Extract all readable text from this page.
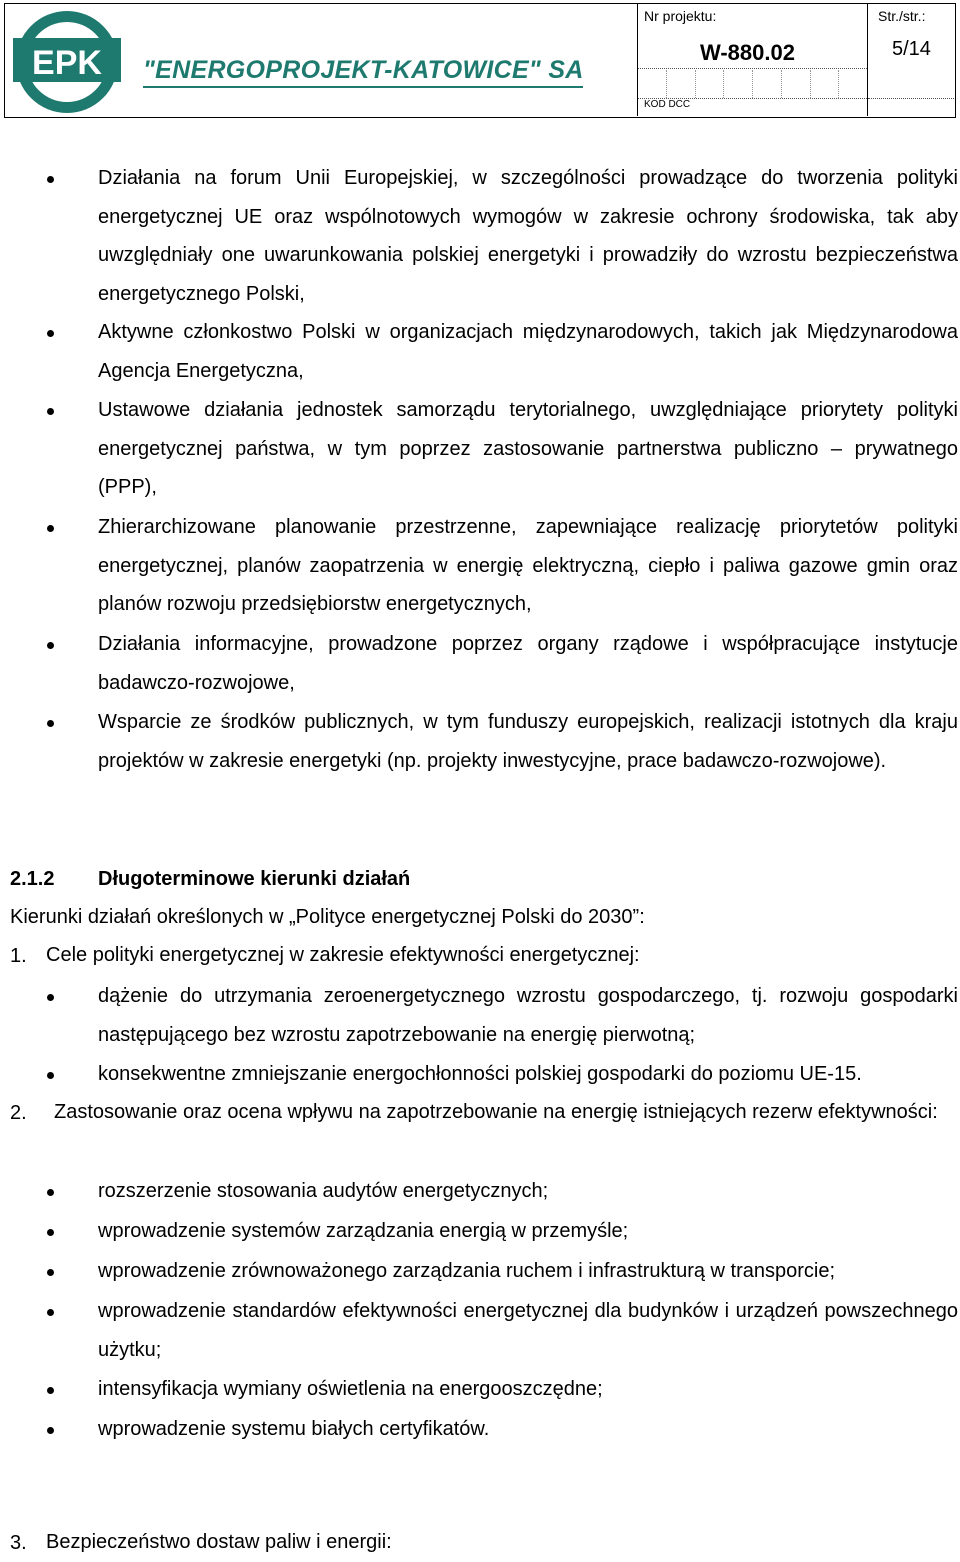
EPK "ENERGOPROJEKT-KATOWICE" SA
Nr projektu:
W-880.02
KOD DCC
Str./str.:
5/14
Działania na forum Unii Europejskiej, w szczególności prowadzące do tworzenia polityki energetycznej UE oraz wspólnotowych wymogów w zakresie ochrony środowiska, tak aby uwzględniały one uwarunkowania polskiej energetyki i prowadziły do wzrostu bezpieczeństwa energetycznego Polski,
Aktywne członkostwo Polski w organizacjach międzynarodowych, takich jak Międzynarodowa Agencja Energetyczna,
Ustawowe działania jednostek samorządu terytorialnego, uwzględniające priorytety polityki energetycznej państwa, w tym poprzez zastosowanie partnerstwa publiczno – prywatnego (PPP),
Zhierarchizowane planowanie przestrzenne, zapewniające realizację priorytetów polityki energetycznej, planów zaopatrzenia w energię elektryczną, ciepło i paliwa gazowe gmin oraz planów rozwoju przedsiębiorstw energetycznych,
Działania informacyjne, prowadzone poprzez organy rządowe i współpracujące instytucje badawczo-rozwojowe,
Wsparcie ze środków publicznych, w tym funduszy europejskich, realizacji istotnych dla kraju projektów w zakresie energetyki (np. projekty inwestycyjne, prace badawczo-rozwojowe).
2.1.2 Długoterminowe kierunki działań
Kierunki działań określonych w „Polityce energetycznej Polski do 2030”:
1. Cele polityki energetycznej w zakresie efektywności energetycznej:
dążenie do utrzymania zeroenergetycznego wzrostu gospodarczego, tj. rozwoju gospodarki następującego bez wzrostu zapotrzebowanie na energię pierwotną;
konsekwentne zmniejszanie energochłonności polskiej gospodarki do poziomu UE-15.
2. Zastosowanie oraz ocena wpływu na zapotrzebowanie na energię istniejących rezerw efektywności:
rozszerzenie stosowania audytów energetycznych;
wprowadzenie systemów zarządzania energią w przemyśle;
wprowadzenie zrównoważonego zarządzania ruchem i infrastrukturą w transporcie;
wprowadzenie standardów efektywności energetycznej dla budynków i urządzeń powszechnego użytku;
intensyfikacja wymiany oświetlenia na energooszczędne;
wprowadzenie systemu białych certyfikatów.
3. Bezpieczeństwo dostaw paliw i energii:
